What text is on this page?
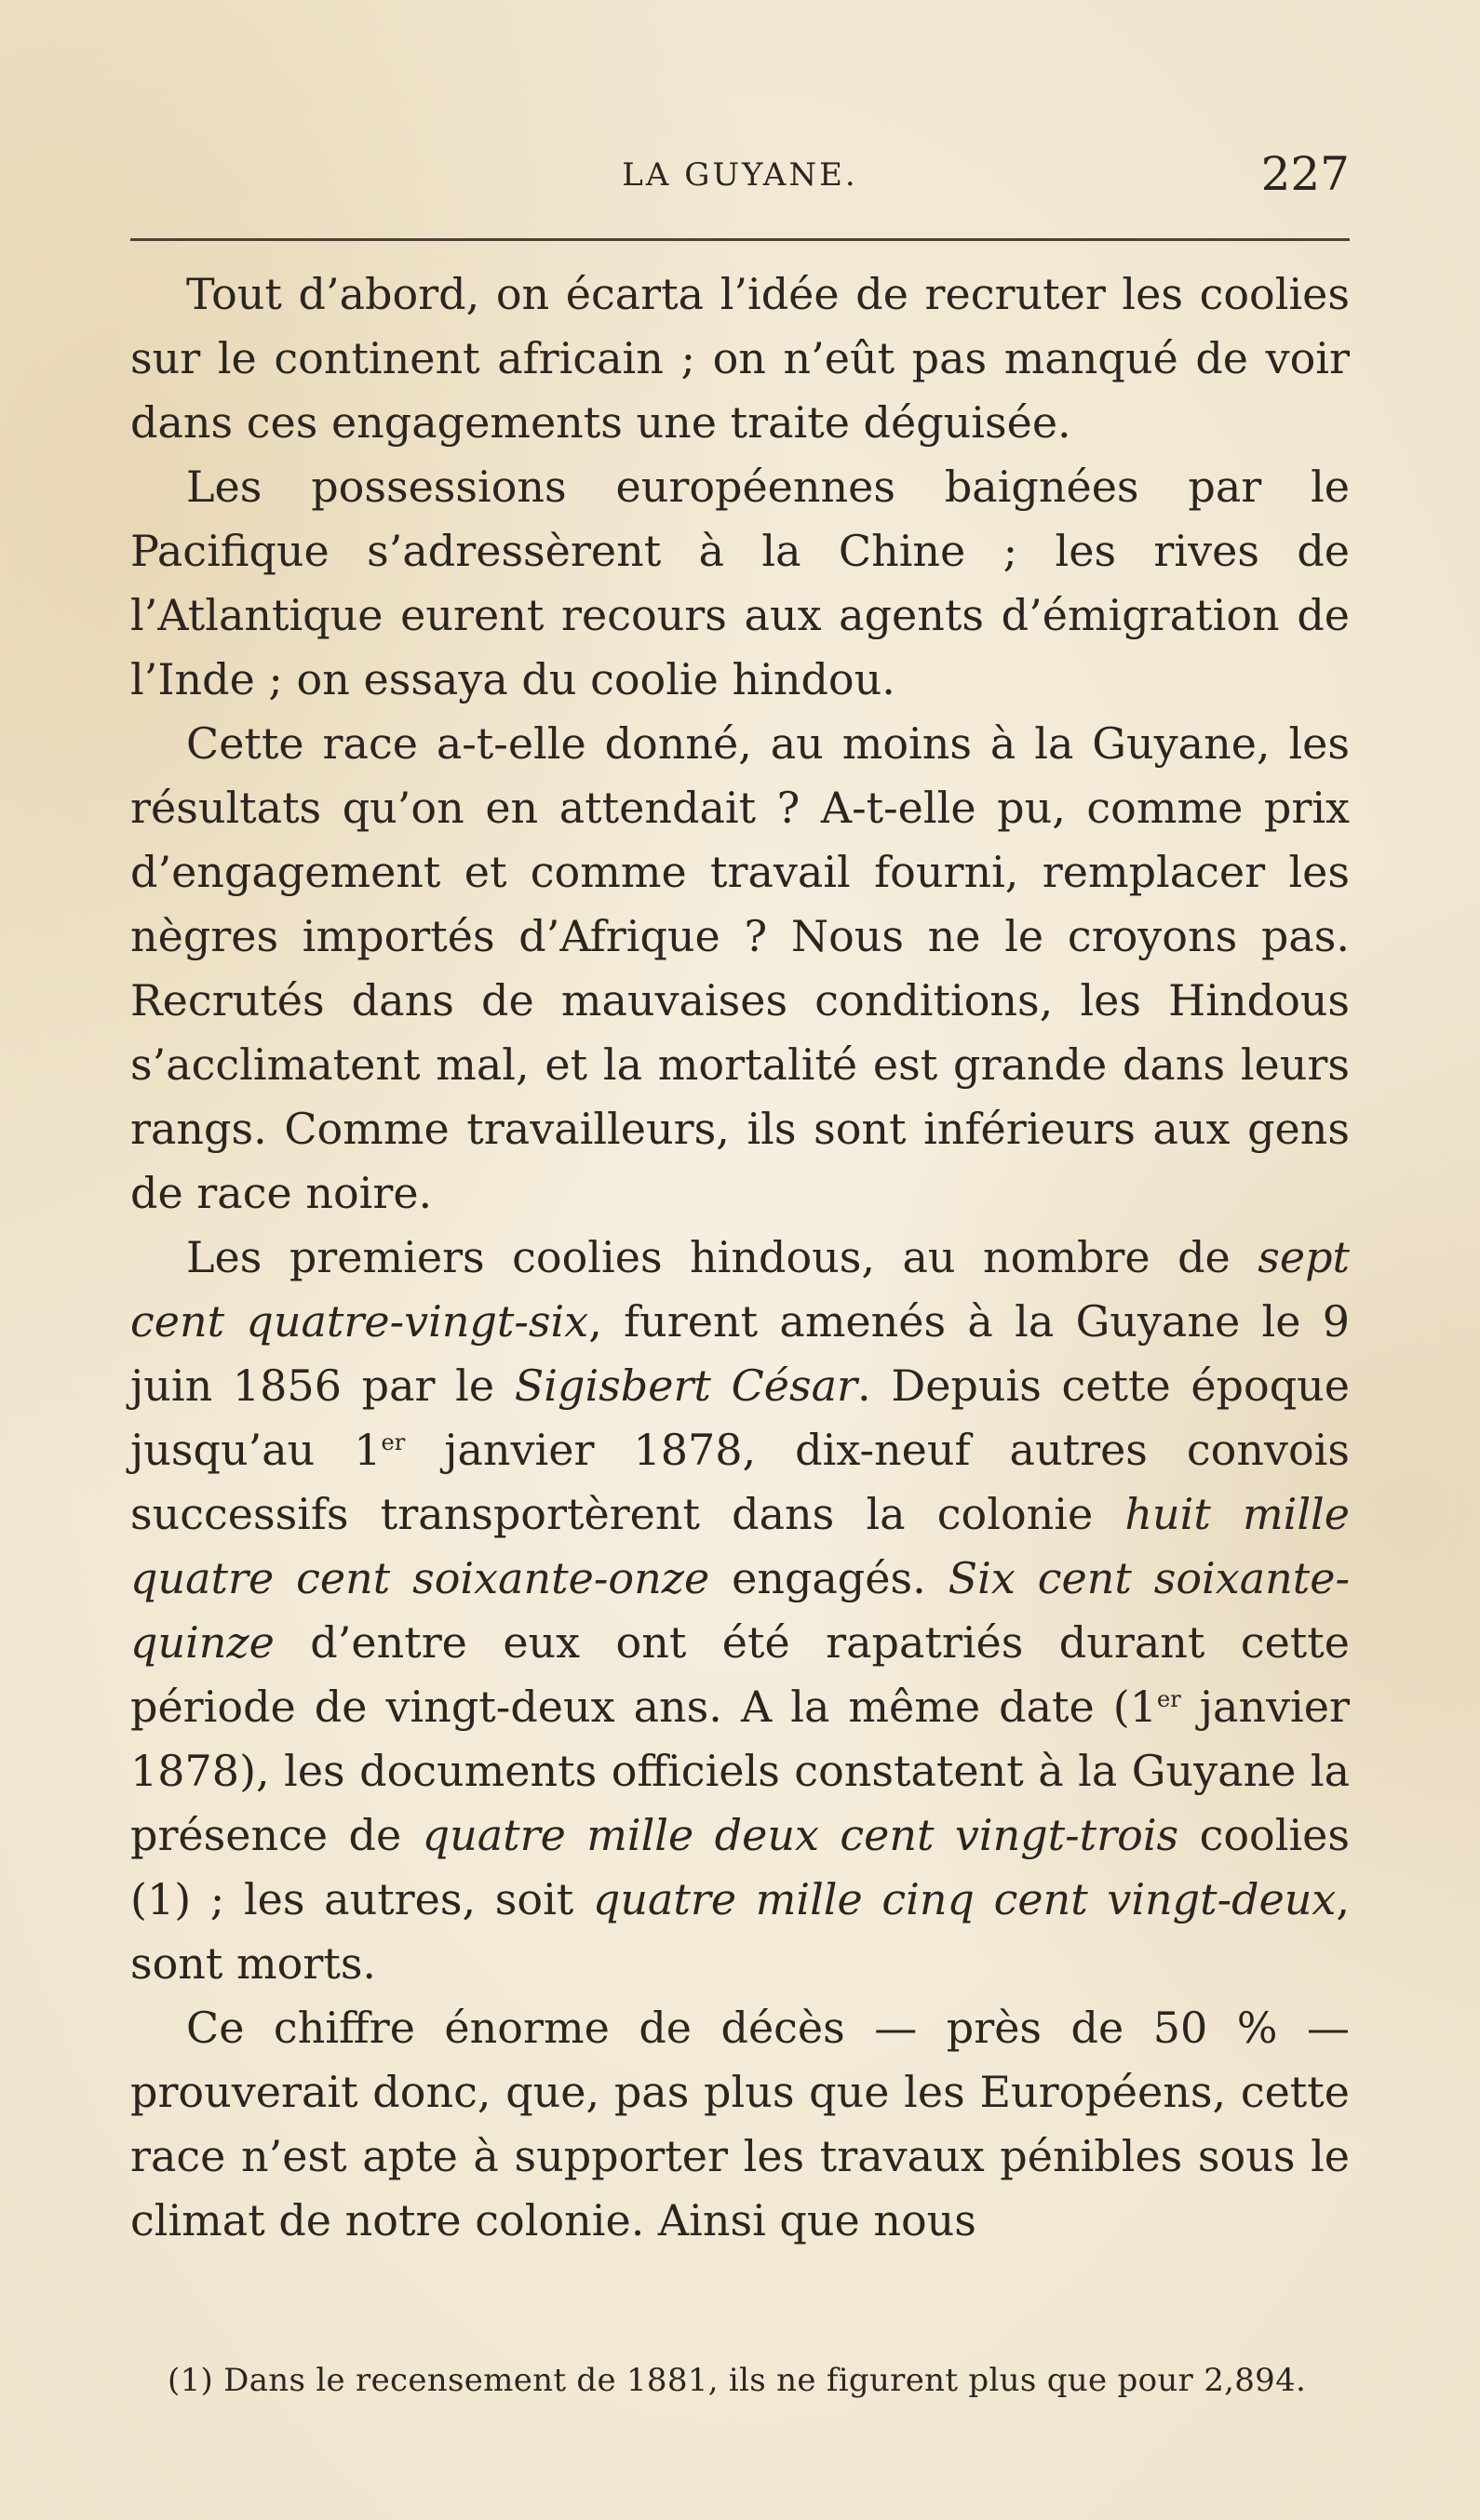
LA GUYANE.	227

Tout d’abord, on écarta l’idée de recruter les coolies sur le continent africain ; on n’eût pas manqué de voir dans ces engagements une traite déguisée.

Les possessions européennes baignées par le Pacifique s’adressèrent à la Chine ; les rives de l’Atlantique eurent recours aux agents d’émigration de l’Inde ; on essaya du coolie hindou.

Cette race a-t-elle donné, au moins à la Guyane, les résultats qu’on en attendait ? A-t-elle pu, comme prix d’engagement et comme travail fourni, remplacer les nègres importés d’Afrique ? Nous ne le croyons pas. Recrutés dans de mauvaises conditions, les Hindous s’acclimatent mal, et la mortalité est grande dans leurs rangs. Comme travailleurs, ils sont inférieurs aux gens de race noire.

Les premiers coolies hindous, au nombre de sept cent quatre-vingt-six, furent amenés à la Guyane le 9 juin 1856 par le Sigisbert César. Depuis cette époque jusqu’au 1er janvier 1878, dix-neuf autres convois successifs transportèrent dans la colonie huit mille quatre cent soixante-onze engagés. Six cent soixante-quinze d’entre eux ont été rapatriés durant cette période de vingt-deux ans. A la même date (1er janvier 1878), les documents officiels constatent à la Guyane la présence de quatre mille deux cent vingt-trois coolies (1) ; les autres, soit quatre mille cinq cent vingt-deux, sont morts.

Ce chiffre énorme de décès — près de 50 % — prouverait donc, que, pas plus que les Européens, cette race n’est apte à supporter les travaux pénibles sous le climat de notre colonie. Ainsi que nous

(1) Dans le recensement de 1881, ils ne figurent plus que pour 2,894.
